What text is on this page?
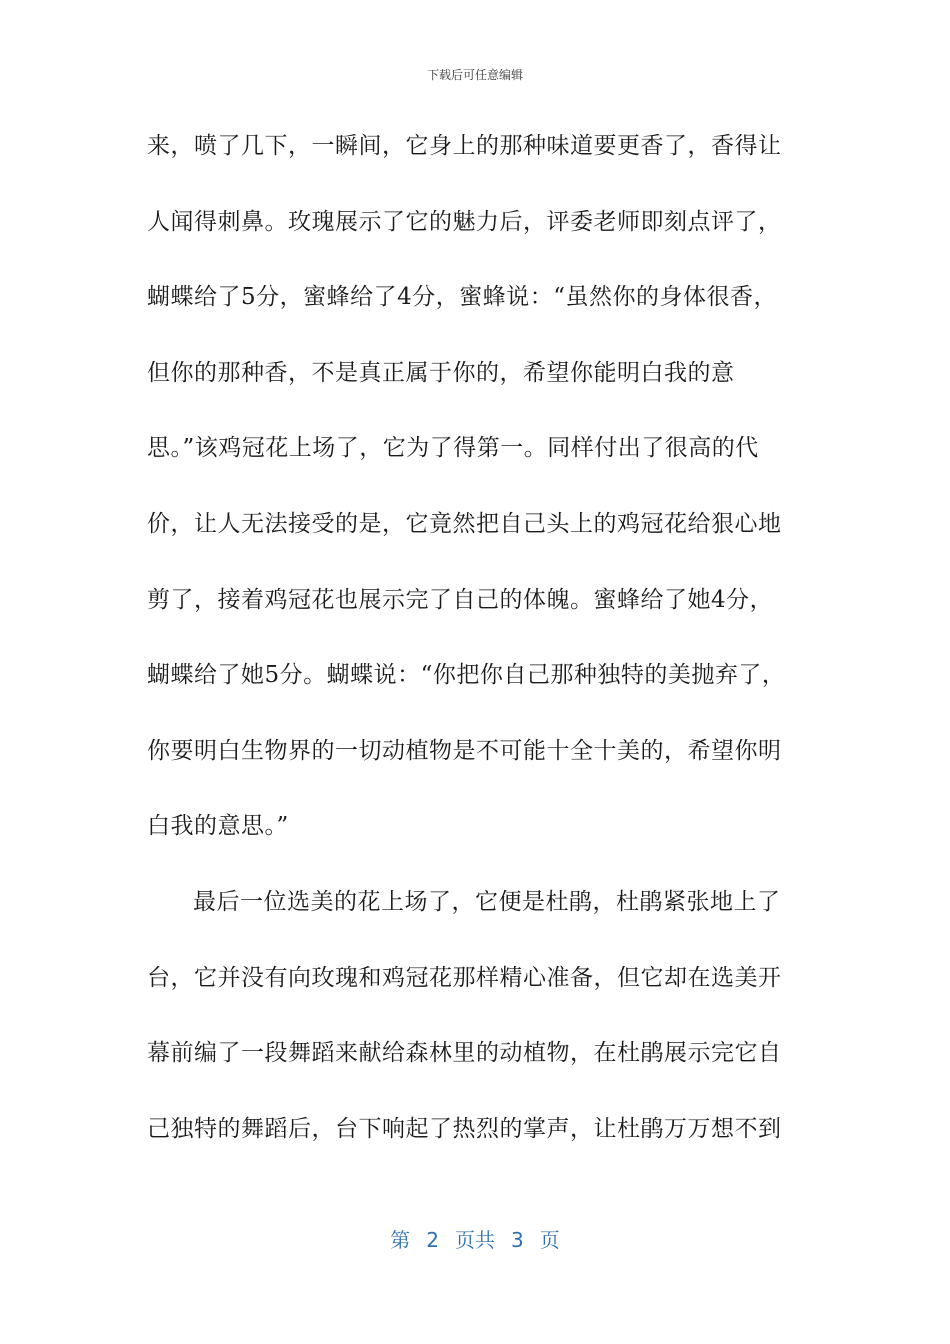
下载后可任意编辑
来，喷了几下，一瞬间，它身上的那种味道要更香了，香得让
人闻得刺鼻。玫瑰展示了它的魅力后，评委老师即刻点评了，
蝴蝶给了5分，蜜蜂给了4分，蜜蜂说：“虽然你的身体很香，
但你的那种香，不是真正属于你的，希望你能明白我的意
思。”该鸡冠花上场了，它为了得第一。同样付出了很高的代
价，让人无法接受的是，它竟然把自己头上的鸡冠花给狠心地
剪了，接着鸡冠花也展示完了自己的体魄。蜜蜂给了她4分，
蝴蝶给了她5分。蝴蝶说：“你把你自己那种独特的美抛弃了，
你要明白生物界的一切动植物是不可能十全十美的，希望你明
白我的意思。”
最后一位选美的花上场了，它便是杜鹃，杜鹃紧张地上了
台，它并没有向玫瑰和鸡冠花那样精心准备，但它却在选美开
幕前编了一段舞蹈来献给森林里的动植物，在杜鹃展示完它自
己独特的舞蹈后，台下响起了热烈的掌声，让杜鹃万万想不到
第 2 页共 3 页
